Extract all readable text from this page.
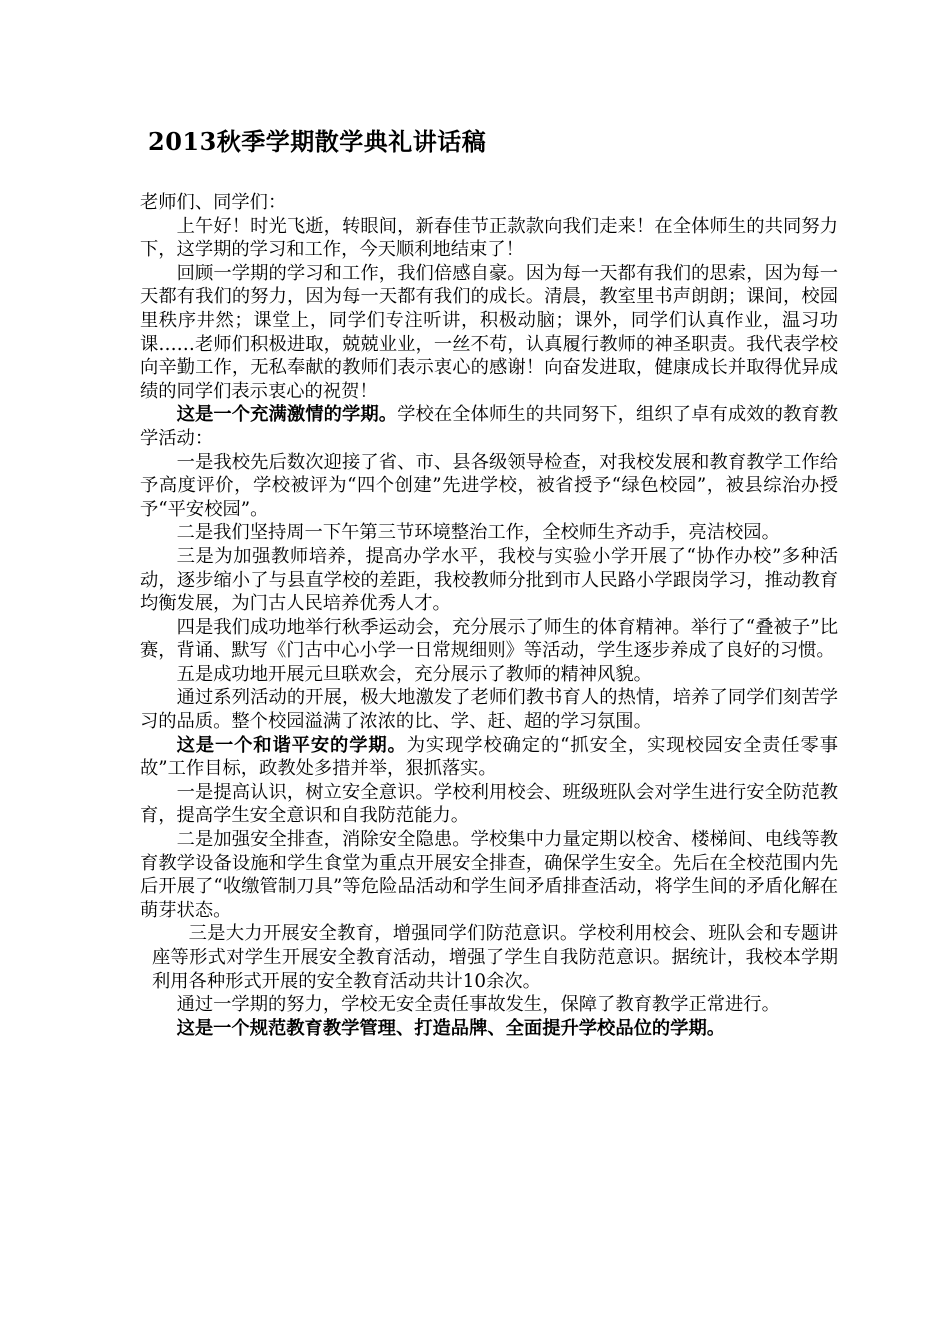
2013秋季学期散学典礼讲话稿

老师们、同学们：

上午好！时光飞逝，转眼间，新春佳节正款款向我们走来！在全体师生的共同努力下，这学期的学习和工作，今天顺利地结束了！

回顾一学期的学习和工作，我们倍感自豪。因为每一天都有我们的思索，因为每一天都有我们的努力，因为每一天都有我们的成长。清晨，教室里书声朗朗；课间，校园里秩序井然；课堂上，同学们专注听讲，积极动脑；课外，同学们认真作业，温习功课……老师们积极进取，兢兢业业，一丝不苟，认真履行教师的神圣职责。我代表学校向辛勤工作，无私奉献的教师们表示衷心的感谢！向奋发进取，健康成长并取得优异成绩的同学们表示衷心的祝贺！

这是一个充满激情的学期。学校在全体师生的共同努下，组织了卓有成效的教育教学活动：

一是我校先后数次迎接了省、市、县各级领导检查，对我校发展和教育教学工作给予高度评价，学校被评为“四个创建”先进学校，被省授予“绿色校园”，被县综治办授予“平安校园”。

二是我们坚持周一下午第三节环境整治工作，全校师生齐动手，亮洁校园。

三是为加强教师培养，提高办学水平，我校与实验小学开展了“协作办校”多种活动，逐步缩小了与县直学校的差距，我校教师分批到市人民路小学跟岗学习，推动教育均衡发展，为门古人民培养优秀人才。

四是我们成功地举行秋季运动会，充分展示了师生的体育精神。举行了“叠被子”比赛，背诵、默写《门古中心小学一日常规细则》等活动，学生逐步养成了良好的习惯。

五是成功地开展元旦联欢会，充分展示了教师的精神风貌。

通过系列活动的开展，极大地激发了老师们教书育人的热情，培养了同学们刻苦学习的品质。整个校园溢满了浓浓的比、学、赶、超的学习氛围。

这是一个和谐平安的学期。为实现学校确定的“抓安全，实现校园安全责任零事故”工作目标，政教处多措并举，狠抓落实。

一是提高认识，树立安全意识。学校利用校会、班级班队会对学生进行安全防范教育，提高学生安全意识和自我防范能力。

二是加强安全排查，消除安全隐患。学校集中力量定期以校舍、楼梯间、电线等教育教学设备设施和学生食堂为重点开展安全排查，确保学生安全。先后在全校范围内先后开展了“收缴管制刀具”等危险品活动和学生间矛盾排查活动，将学生间的矛盾化解在萌芽状态。

三是大力开展安全教育，增强同学们防范意识。学校利用校会、班队会和专题讲座等形式对学生开展安全教育活动，增强了学生自我防范意识。据统计，我校本学期利用各种形式开展的安全教育活动共计10余次。

通过一学期的努力，学校无安全责任事故发生，保障了教育教学正常进行。

这是一个规范教育教学管理、打造品牌、全面提升学校品位的学期。
